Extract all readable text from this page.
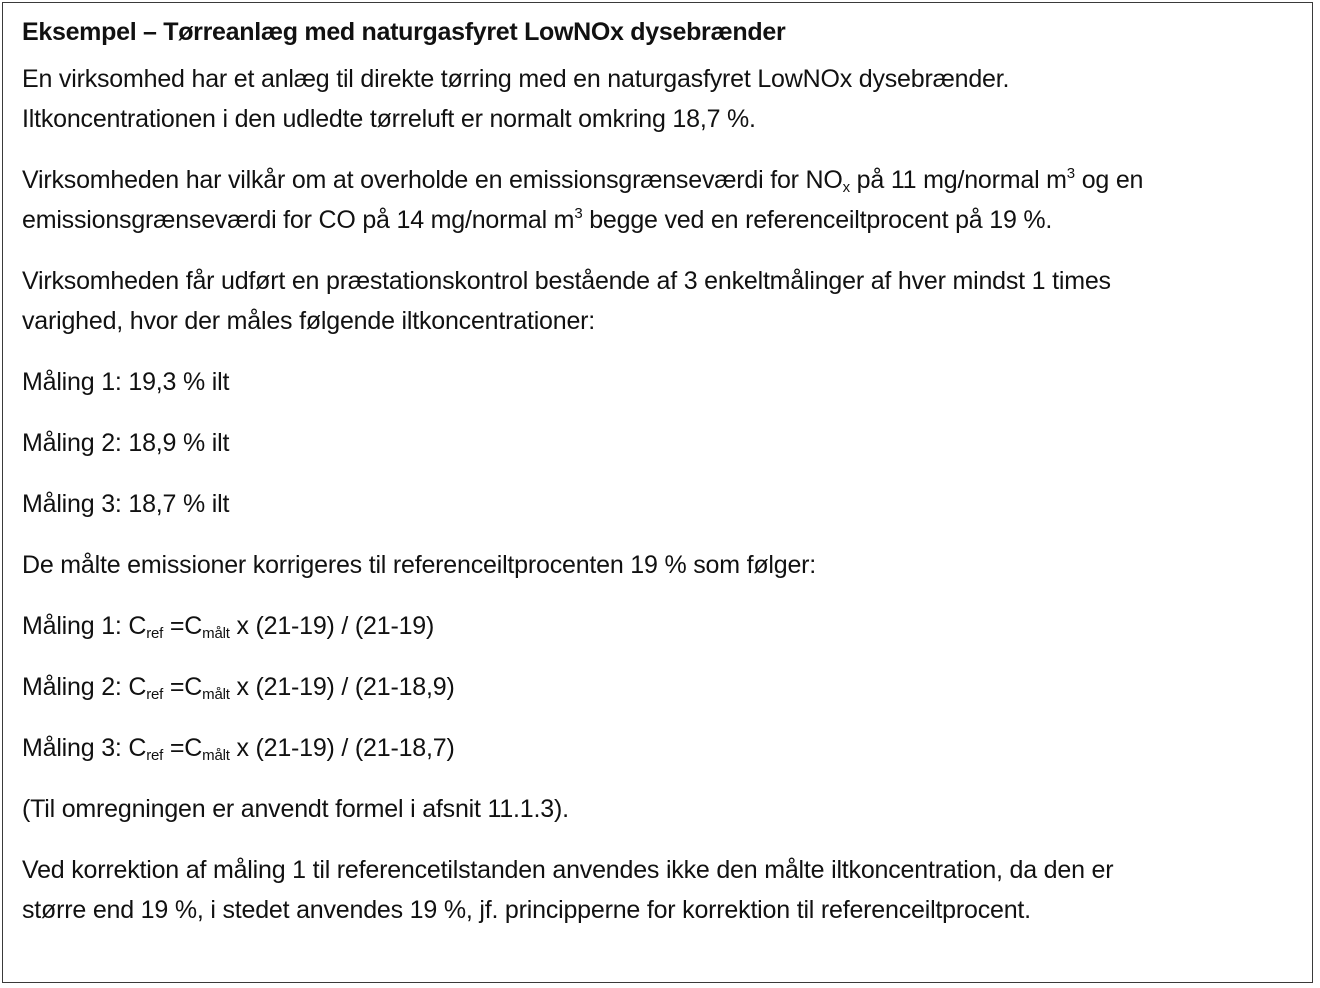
Eksempel – Tørreanlæg med naturgasfyret LowNOx dysebrænder

En virksomhed har et anlæg til direkte tørring med en naturgasfyret LowNOx dysebrænder.
Iltkoncentrationen i den udledte tørreluft er normalt omkring 18,7 %.

Virksomheden har vilkår om at overholde en emissionsgrænseværdi for $NO_x$ på 11 mg/normal $m^3$ og en
emissionsgrænseværdi for CO på 14 mg/normal $m^3$ begge ved en referenceiltprocent på 19 %.

Virksomheden får udført en præstationskontrol bestående af 3 enkeltmålinger af hver mindst 1 times
varighed, hvor der måles følgende iltkoncentrationer:

Måling 1: 19,3 % ilt

Måling 2: 18,9 % ilt

Måling 3: 18,7 % ilt

De målte emissioner korrigeres til referenceiltprocenten 19 % som følger:

Måling 1: $C_{ref} =C_{målt}$ x (21-19) / (21-19)

Måling 2: $C_{ref} =C_{målt}$ x (21-19) / (21-18,9)

Måling 3: $C_{ref} =C_{målt}$ x (21-19) / (21-18,7)

(Til omregningen er anvendt formel i afsnit 11.1.3).

Ved korrektion af måling 1 til referencetilstanden anvendes ikke den målte iltkoncentration, da den er
større end 19 %, i stedet anvendes 19 %, jf. principperne for korrektion til referenceiltprocent.
